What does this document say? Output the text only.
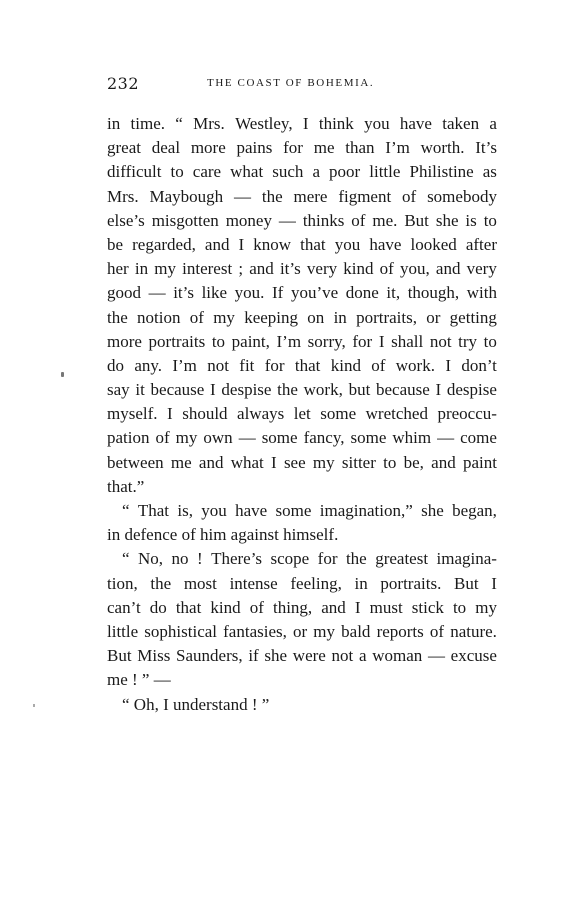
232	THE COAST OF BOHEMIA.
in time. “ Mrs. Westley, I think you have taken a
great deal more pains for me than I’m worth. It’s
difficult to care what such a poor little Philistine as
Mrs. Maybough — the mere figment of somebody
else’s misgotten money — thinks of me. But she is to
be regarded, and I know that you have looked after
her in my interest ; and it’s very kind of you, and very
good — it’s like you. If you’ve done it, though, with
the notion of my keeping on in portraits, or getting
more portraits to paint, I’m sorry, for I shall not try to
do any. I’m not fit for that kind of work. I don’t
say it because I despise the work, but because I despise
myself. I should always let some wretched preoccu-
pation of my own — some fancy, some whim — come
between me and what I see my sitter to be, and paint
that.”
“ That is, you have some imagination,” she began,
in defence of him against himself.
“ No, no ! There’s scope for the greatest imagina-
tion, the most intense feeling, in portraits. But I
can’t do that kind of thing, and I must stick to my
little sophistical fantasies, or my bald reports of nature.
But Miss Saunders, if she were not a woman — excuse
me ! ” —
“ Oh, I understand ! ”
